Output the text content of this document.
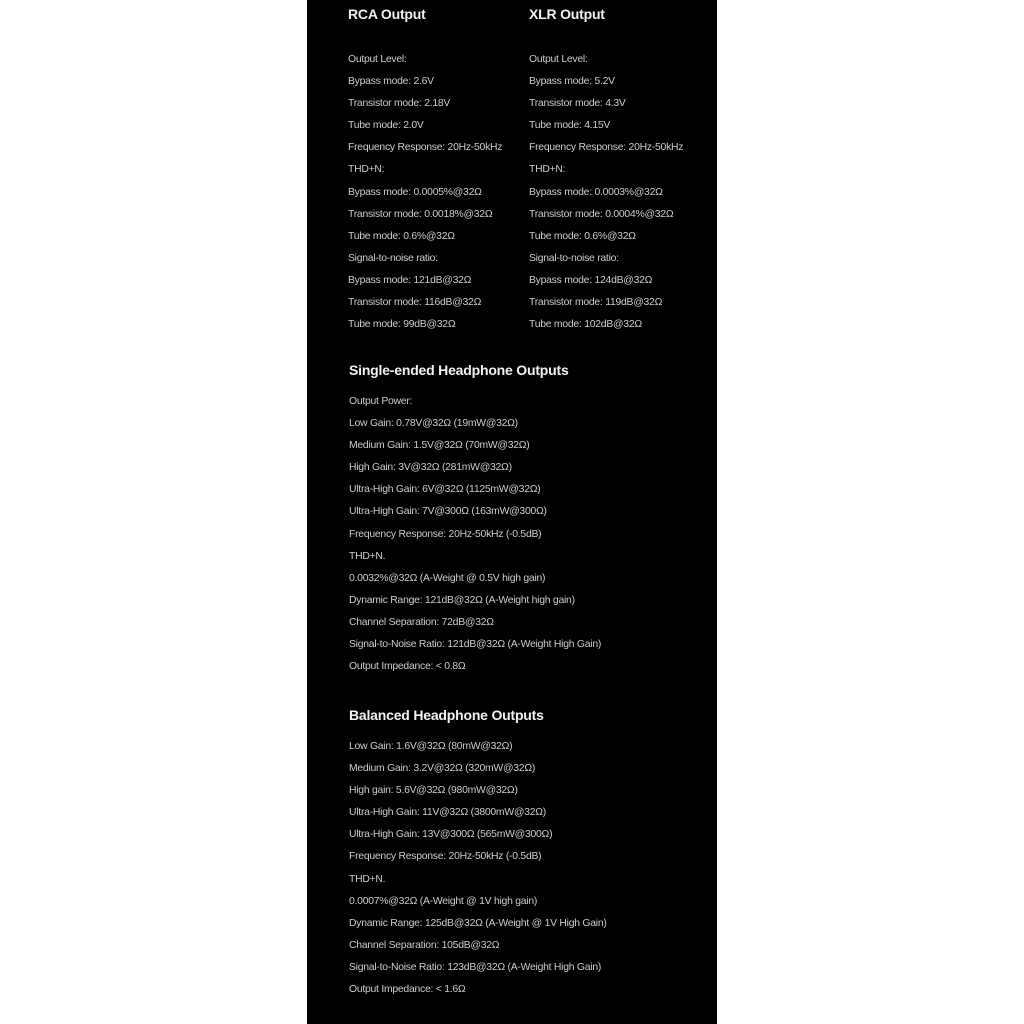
RCA Output	XLR Output
Output Level:
Bypass mode: 2.6V
Transistor mode: 2.18V
Tube mode: 2.0V
Frequency Response: 20Hz-50kHz
THD+N:
Bypass mode: 0.0005%@32Ω
Transistor mode: 0.0018%@32Ω
Tube mode: 0.6%@32Ω
Signal-to-noise ratio:
Bypass mode: 121dB@32Ω
Transistor mode: 116dB@32Ω
Tube mode: 99dB@32Ω
Output Level:
Bypass mode: 5.2V
Transistor mode: 4.3V
Tube mode: 4.15V
Frequency Response: 20Hz-50kHz
THD+N:
Bypass mode: 0.0003%@32Ω
Transistor mode: 0.0004%@32Ω
Tube mode: 0.6%@32Ω
Signal-to-noise ratio:
Bypass mode: 124dB@32Ω
Transistor mode: 119dB@32Ω
Tube mode: 102dB@32Ω
Single-ended Headphone Outputs
Output Power:
Low Gain: 0.78V@32Ω (19mW@32Ω)
Medium Gain: 1.5V@32Ω (70mW@32Ω)
High Gain: 3V@32Ω (281mW@32Ω)
Ultra-High Gain: 6V@32Ω (1125mW@32Ω)
Ultra-High Gain: 7V@300Ω (163mW@300Ω)
Frequency Response: 20Hz-50kHz (-0.5dB)
THD+N.
0.0032%@32Ω (A-Weight @ 0.5V high gain)
Dynamic Range: 121dB@32Ω (A-Weight high gain)
Channel Separation: 72dB@32Ω
Signal-to-Noise Ratio: 121dB@32Ω (A-Weight High Gain)
Output Impedance: < 0.8Ω
Balanced Headphone Outputs
Low Gain: 1.6V@32Ω (80mW@32Ω)
Medium Gain: 3.2V@32Ω (320mW@32Ω)
High gain: 5.6V@32Ω (980mW@32Ω)
Ultra-High Gain: 11V@32Ω (3800mW@32Ω)
Ultra-High Gain: 13V@300Ω (565mW@300Ω)
Frequency Response: 20Hz-50kHz (-0.5dB)
THD+N.
0.0007%@32Ω (A-Weight @ 1V high gain)
Dynamic Range: 125dB@32Ω (A-Weight @ 1V High Gain)
Channel Separation: 105dB@32Ω
Signal-to-Noise Ratio: 123dB@32Ω (A-Weight High Gain)
Output Impedance: < 1.6Ω
